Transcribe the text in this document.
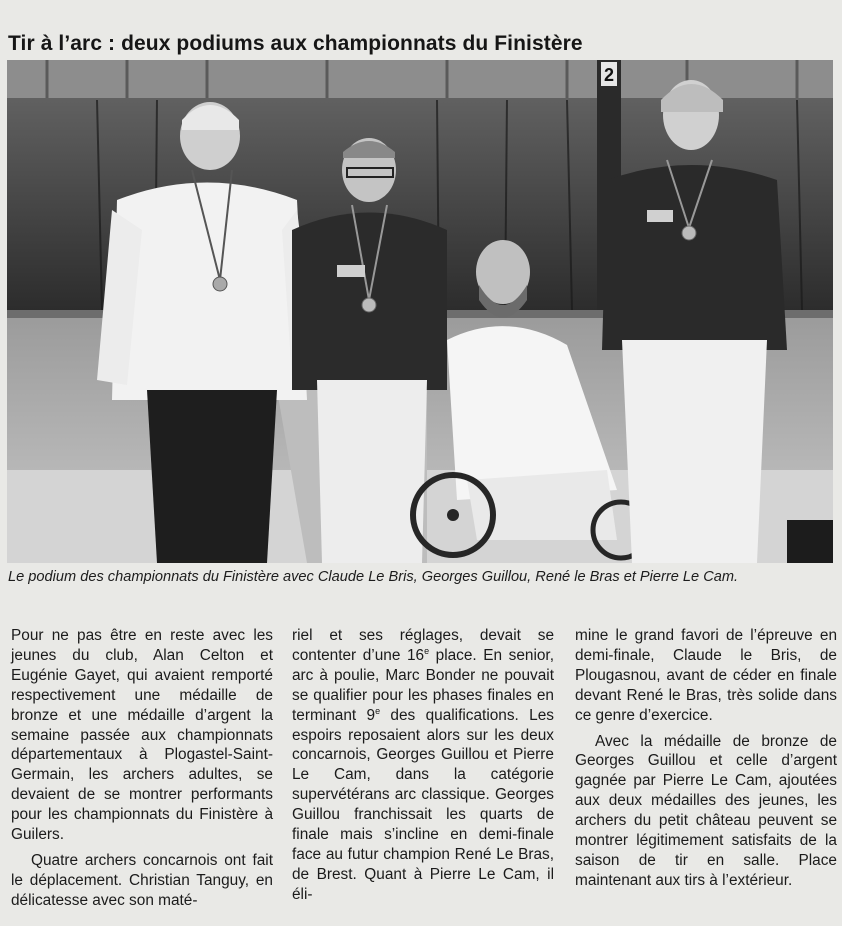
Tir à l’arc : deux podiums aux championnats du Finistère
2
Le podium des championnats du Finistère avec Claude Le Bris, Georges Guillou, René le Bras et Pierre Le Cam.

Pour ne pas être en reste avec les jeunes du club, Alan Celton et Eugénie Gayet, qui avaient remporté respectivement une médaille de bronze et une médaille d’argent la semaine passée aux championnats départementaux à Plogastel-Saint-Germain, les archers adultes, se devaient de se montrer performants pour les championnats du Finistère à Guilers.

Quatre archers concarnois ont fait le déplacement. Christian Tanguy, en délicatesse avec son maté-

riel et ses réglages, devait se contenter d’une 16e place. En senior, arc à poulie, Marc Bonder ne pouvait se qualifier pour les phases finales en terminant 9e des qualifications. Les espoirs reposaient alors sur les deux concarnois, Georges Guillou et Pierre Le Cam, dans la catégorie supervétérans arc classique. Georges Guillou franchissait les quarts de finale mais s’incline en demi-finale face au futur champion René Le Bras, de Brest. Quant à Pierre Le Cam, il éli-

mine le grand favori de l’épreuve en demi-finale, Claude le Bris, de Plougasnou, avant de céder en finale devant René le Bras, très solide dans ce genre d’exercice.

Avec la médaille de bronze de Georges Guillou et celle d’argent gagnée par Pierre Le Cam, ajoutées aux deux médailles des jeunes, les archers du petit château peuvent se montrer légitimement satisfaits de la saison de tir en salle. Place maintenant aux tirs à l’extérieur.
